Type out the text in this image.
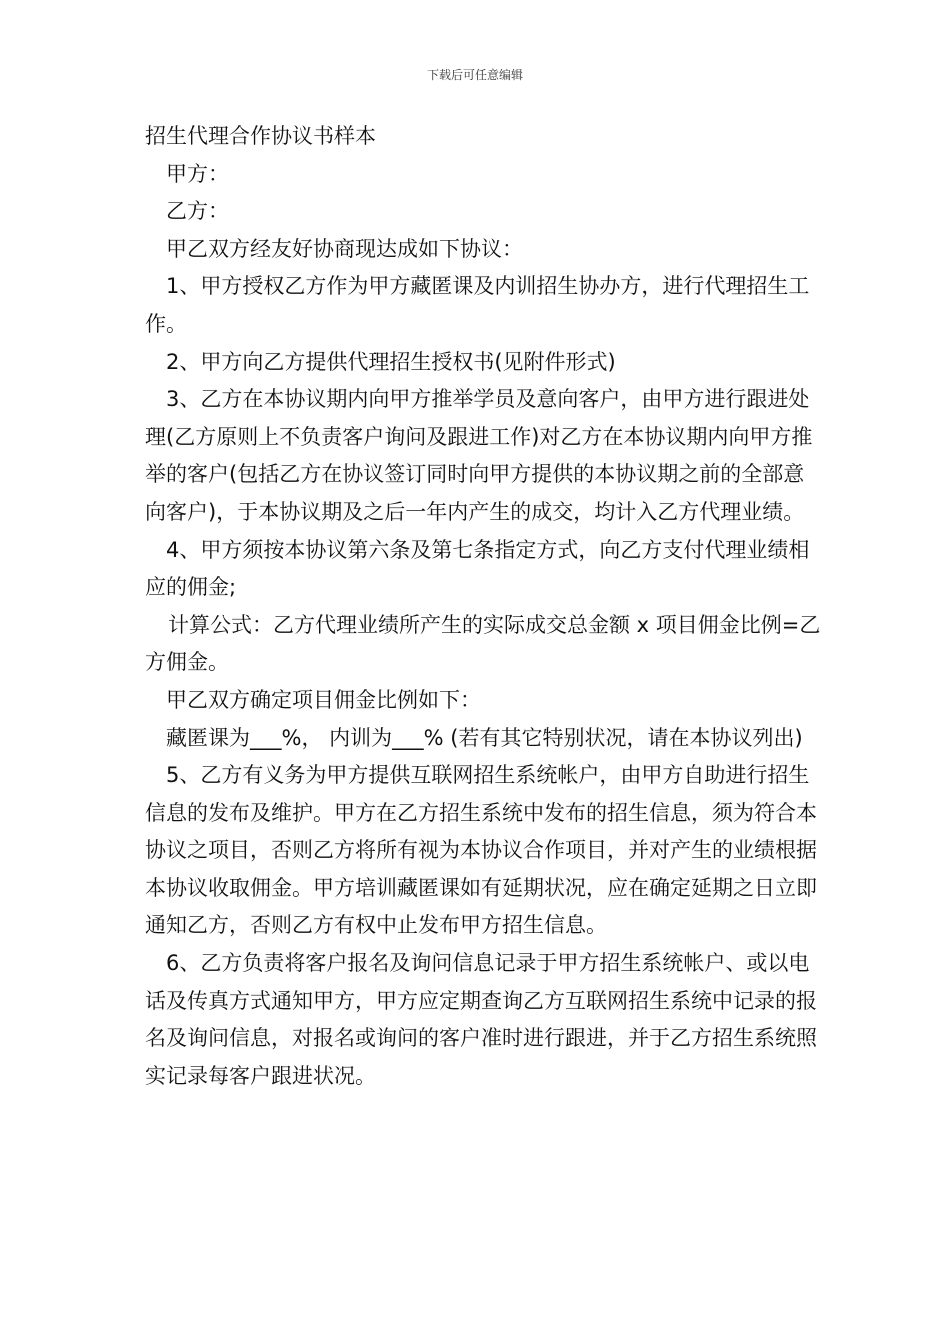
下载后可任意编辑

招生代理合作协议书样本

甲方：

乙方：

甲乙双方经友好协商现达成如下协议：

1、甲方授权乙方作为甲方藏匿课及内训招生协办方，进行代理招生工作。

2、甲方向乙方提供代理招生授权书(见附件形式)

3、乙方在本协议期内向甲方推举学员及意向客户，由甲方进行跟进处理(乙方原则上不负责客户询问及跟进工作)对乙方在本协议期内向甲方推举的客户(包括乙方在协议签订同时向甲方提供的本协议期之前的全部意向客户)，于本协议期及之后一年内产生的成交，均计入乙方代理业绩。

4、甲方须按本协议第六条及第七条指定方式，向乙方支付代理业绩相应的佣金;

计算公式：乙方代理业绩所产生的实际成交总金额 x 项目佣金比例=乙方佣金。

甲乙双方确定项目佣金比例如下：

藏匿课为___%， 内训为___% (若有其它特别状况，请在本协议列出)

5、乙方有义务为甲方提供互联网招生系统帐户，由甲方自助进行招生信息的发布及维护。甲方在乙方招生系统中发布的招生信息，须为符合本协议之项目，否则乙方将所有视为本协议合作项目，并对产生的业绩根据本协议收取佣金。甲方培训藏匿课如有延期状况，应在确定延期之日立即通知乙方，否则乙方有权中止发布甲方招生信息。

6、乙方负责将客户报名及询问信息记录于甲方招生系统帐户、或以电话及传真方式通知甲方，甲方应定期查询乙方互联网招生系统中记录的报名及询问信息，对报名或询问的客户准时进行跟进，并于乙方招生系统照实记录每客户跟进状况。
